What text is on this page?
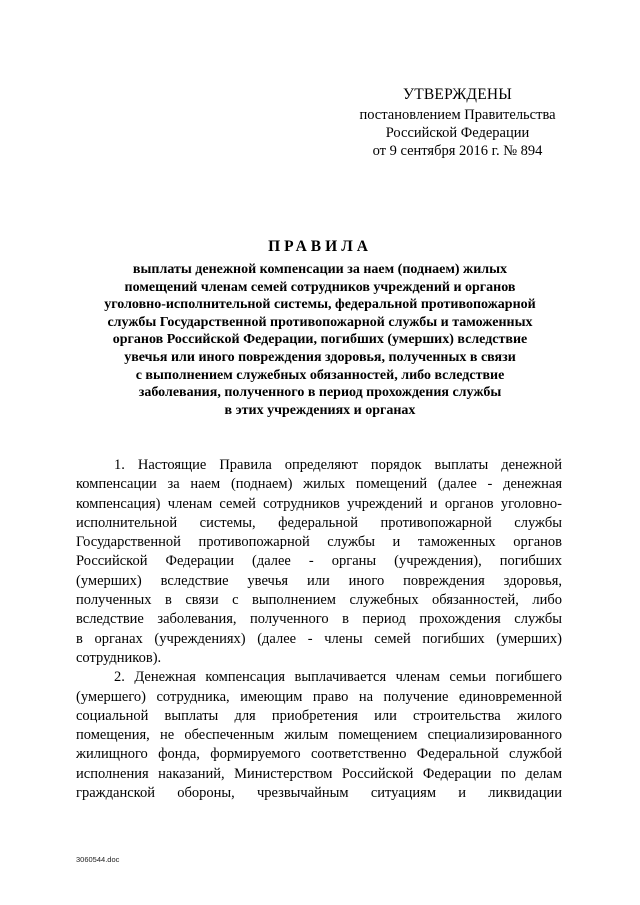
УТВЕРЖДЕНЫ
постановлением Правительства
Российской Федерации
от 9 сентября 2016 г. № 894
ПРАВИЛА
выплаты денежной компенсации за наем (поднаем) жилых
помещений членам семей сотрудников учреждений и органов
уголовно-исполнительной системы, федеральной противопожарной
службы Государственной противопожарной службы и таможенных
органов Российской Федерации, погибших (умерших) вследствие
увечья или иного повреждения здоровья, полученных в связи
с выполнением служебных обязанностей, либо вследствие
заболевания, полученного в период прохождения службы
в этих учреждениях и органах
1. Настоящие Правила определяют порядок выплаты денежной
компенсации за наем (поднаем) жилых помещений (далее - денежная
компенсация) членам семей сотрудников учреждений и органов уголовно-
исполнительной системы, федеральной противопожарной службы
Государственной противопожарной службы и таможенных органов
Российской Федерации (далее - органы (учреждения), погибших
(умерших) вследствие увечья или иного повреждения здоровья,
полученных в связи с выполнением служебных обязанностей, либо
вследствие заболевания, полученного в период прохождения службы
в органах (учреждениях) (далее - члены семей погибших (умерших)
сотрудников).
2. Денежная компенсация выплачивается членам семьи погибшего
(умершего) сотрудника, имеющим право на получение единовременной
социальной выплаты для приобретения или строительства жилого
помещения, не обеспеченным жилым помещением специализированного
жилищного фонда, формируемого соответственно Федеральной службой
исполнения наказаний, Министерством Российской Федерации по делам
гражданской обороны, чрезвычайным ситуациям и ликвидации
3060544.doc
